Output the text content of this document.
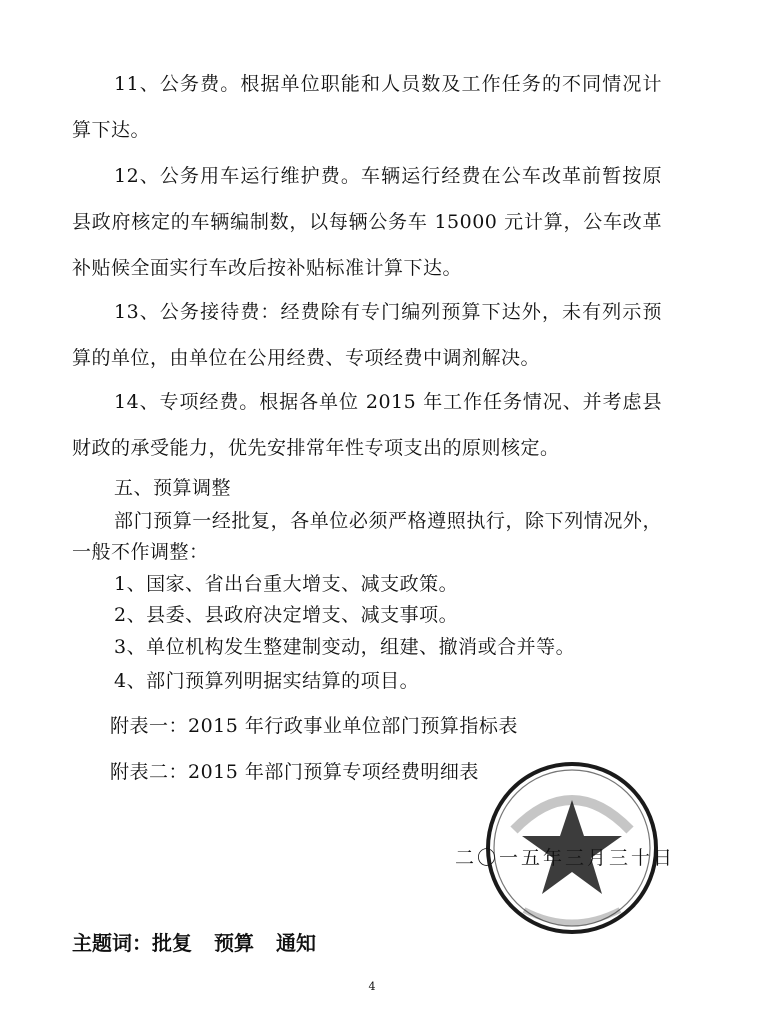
11、公务费。根据单位职能和人员数及工作任务的不同情况计
算下达。
12、公务用车运行维护费。车辆运行经费在公车改革前暂按原
县政府核定的车辆编制数，以每辆公务车 15000 元计算，公车改革
补贴候全面实行车改后按补贴标准计算下达。
13、公务接待费：经费除有专门编列预算下达外，未有列示预
算的单位，由单位在公用经费、专项经费中调剂解决。
14、专项经费。根据各单位 2015 年工作任务情况、并考虑县
财政的承受能力，优先安排常年性专项支出的原则核定。
五、预算调整
部门预算一经批复，各单位必须严格遵照执行，除下列情况外，
一般不作调整：
1、国家、省出台重大增支、减支政策。
2、县委、县政府决定增支、减支事项。
3、单位机构发生整建制变动，组建、撤消或合并等。
4、部门预算列明据实结算的项目。
附表一：2015 年行政事业单位部门预算指标表
附表二：2015 年部门预算专项经费明细表
二〇一五年三月三十日
主题词：批复 预算 通知
4
